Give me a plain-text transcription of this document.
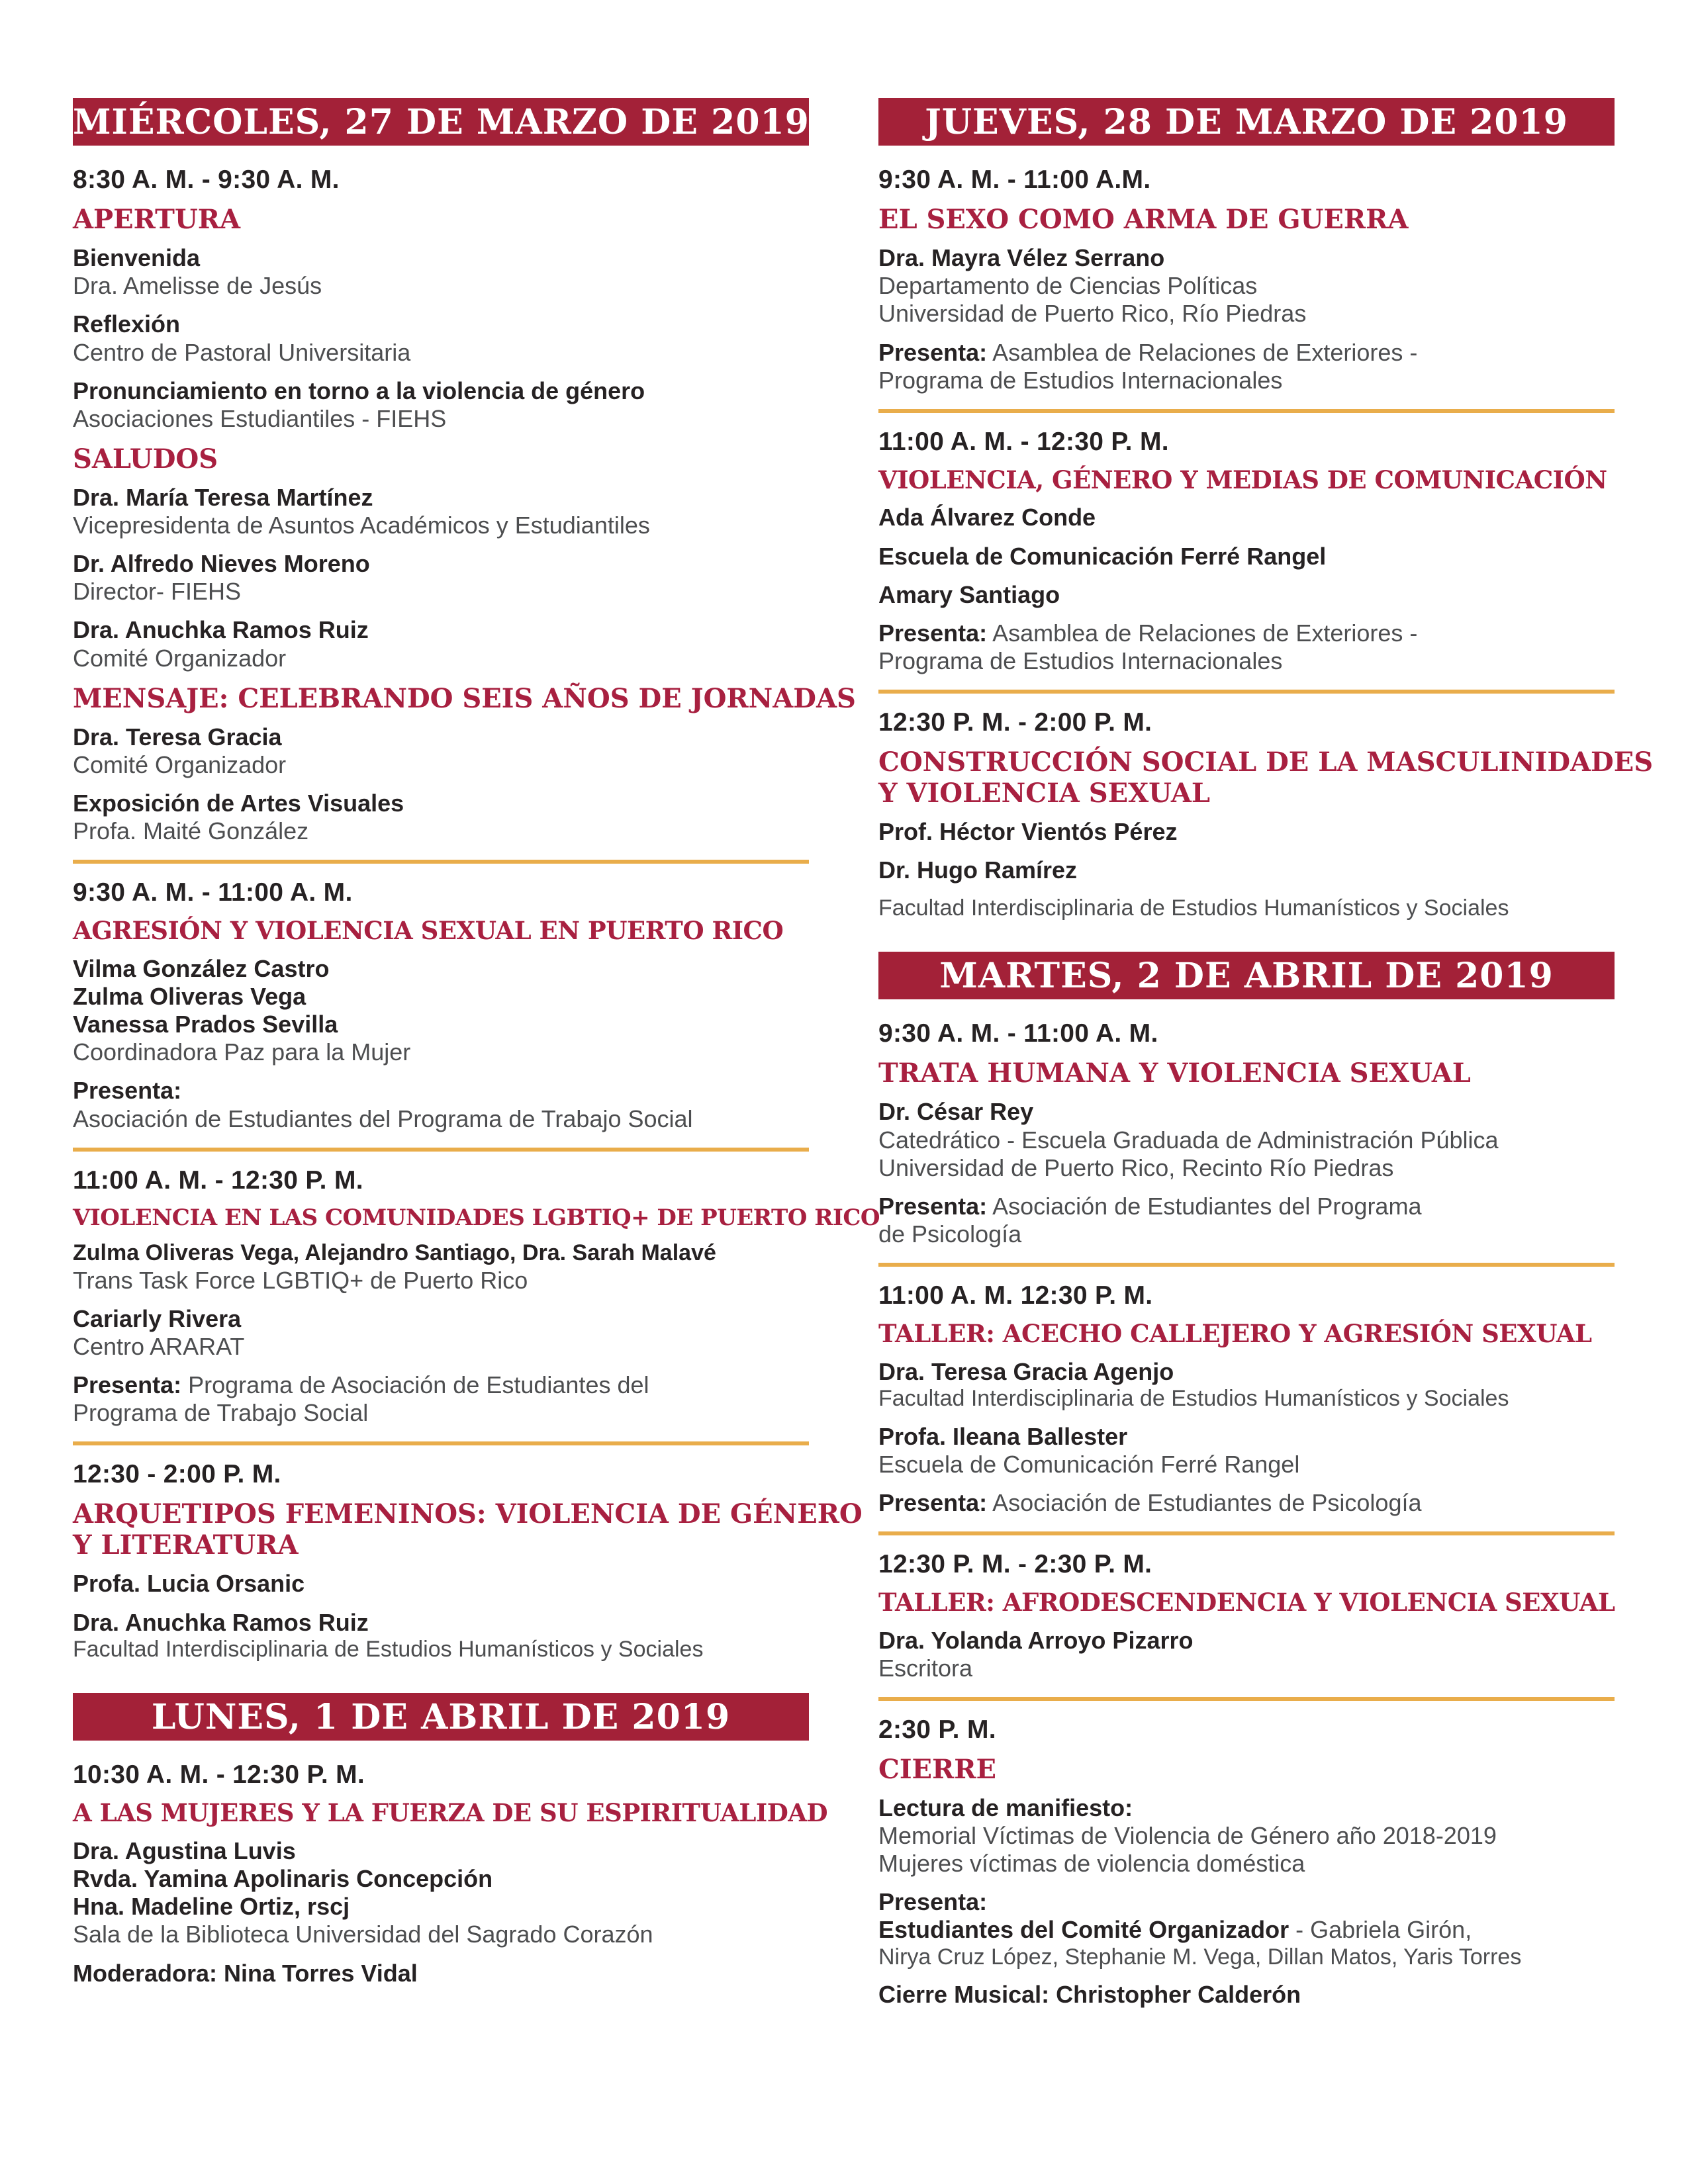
MIÉRCOLES, 27 DE MARZO DE 2019
8:30 A. M. - 9:30 A. M.
APERTURA
Bienvenida
Dra. Amelisse de Jesús
Reflexión
Centro de Pastoral Universitaria
Pronunciamiento en torno a la violencia de género
Asociaciones Estudiantiles - FIEHS
SALUDOS
Dra. María Teresa Martínez
Vicepresidenta de Asuntos Académicos y Estudiantiles
Dr. Alfredo Nieves Moreno
Director- FIEHS
Dra. Anuchka Ramos Ruiz
Comité Organizador
MENSAJE: CELEBRANDO SEIS AÑOS DE JORNADAS
Dra. Teresa Gracia
Comité Organizador
Exposición de Artes Visuales
Profa. Maité González
9:30 A. M. - 11:00 A. M.
AGRESIÓN Y VIOLENCIA SEXUAL EN PUERTO RICO
Vilma González Castro
Zulma Oliveras Vega
Vanessa Prados Sevilla
Coordinadora Paz para la Mujer
Presenta:
Asociación de Estudiantes del Programa de Trabajo Social
11:00 A. M. - 12:30 P. M.
VIOLENCIA EN LAS COMUNIDADES LGBTIQ+ DE PUERTO RICO
Zulma Oliveras Vega, Alejandro Santiago, Dra. Sarah Malavé
Trans Task Force LGBTIQ+ de Puerto Rico
Cariarly Rivera
Centro ARARAT
Presenta: Programa de Asociación de Estudiantes del
Programa de Trabajo Social
12:30 - 2:00 P. M.
ARQUETIPOS FEMENINOS: VIOLENCIA DE GÉNERO
Y LITERATURA
Profa. Lucia Orsanic
Dra. Anuchka Ramos Ruiz
Facultad Interdisciplinaria de Estudios Humanísticos y Sociales
LUNES, 1 DE ABRIL DE 2019
10:30 A. M. - 12:30 P. M.
A LAS MUJERES Y LA FUERZA DE SU ESPIRITUALIDAD
Dra. Agustina Luvis
Rvda. Yamina Apolinaris Concepción
Hna. Madeline Ortiz, rscj
Sala de la Biblioteca Universidad del Sagrado Corazón
Moderadora: Nina Torres Vidal
JUEVES, 28 DE MARZO DE 2019
9:30 A. M. - 11:00 A.M.
EL SEXO COMO ARMA DE GUERRA
Dra. Mayra Vélez Serrano
Departamento de Ciencias Políticas
Universidad de Puerto Rico, Río Piedras
Presenta: Asamblea de Relaciones de Exteriores -
Programa de Estudios Internacionales
11:00 A. M. - 12:30 P. M.
VIOLENCIA, GÉNERO Y MEDIAS DE COMUNICACIÓN
Ada Álvarez Conde
Escuela de Comunicación Ferré Rangel
Amary Santiago
Presenta: Asamblea de Relaciones de Exteriores -
Programa de Estudios Internacionales
12:30 P. M. - 2:00 P. M.
CONSTRUCCIÓN SOCIAL DE LA MASCULINIDADES
Y VIOLENCIA SEXUAL
Prof. Héctor Vientós Pérez
Dr. Hugo Ramírez
Facultad Interdisciplinaria de Estudios Humanísticos y Sociales
MARTES, 2 DE ABRIL DE 2019
9:30 A. M. - 11:00 A. M.
TRATA HUMANA Y VIOLENCIA SEXUAL
Dr. César Rey
Catedrático - Escuela Graduada de Administración Pública
Universidad de Puerto Rico, Recinto Río Piedras
Presenta: Asociación de Estudiantes del Programa
de Psicología
11:00 A. M. 12:30 P. M.
TALLER: ACECHO CALLEJERO Y AGRESIÓN SEXUAL
Dra. Teresa Gracia Agenjo
Facultad Interdisciplinaria de Estudios Humanísticos y Sociales
Profa. Ileana Ballester
Escuela de Comunicación Ferré Rangel
Presenta: Asociación de Estudiantes de Psicología
12:30 P. M. - 2:30 P. M.
TALLER: AFRODESCENDENCIA Y VIOLENCIA SEXUAL
Dra. Yolanda Arroyo Pizarro
Escritora
2:30 P. M.
CIERRE
Lectura de manifiesto:
Memorial Víctimas de Violencia de Género año 2018-2019
Mujeres víctimas de violencia doméstica
Presenta:
Estudiantes del Comité Organizador - Gabriela Girón,
Nirya Cruz López, Stephanie M. Vega, Dillan Matos, Yaris Torres
Cierre Musical: Christopher Calderón
